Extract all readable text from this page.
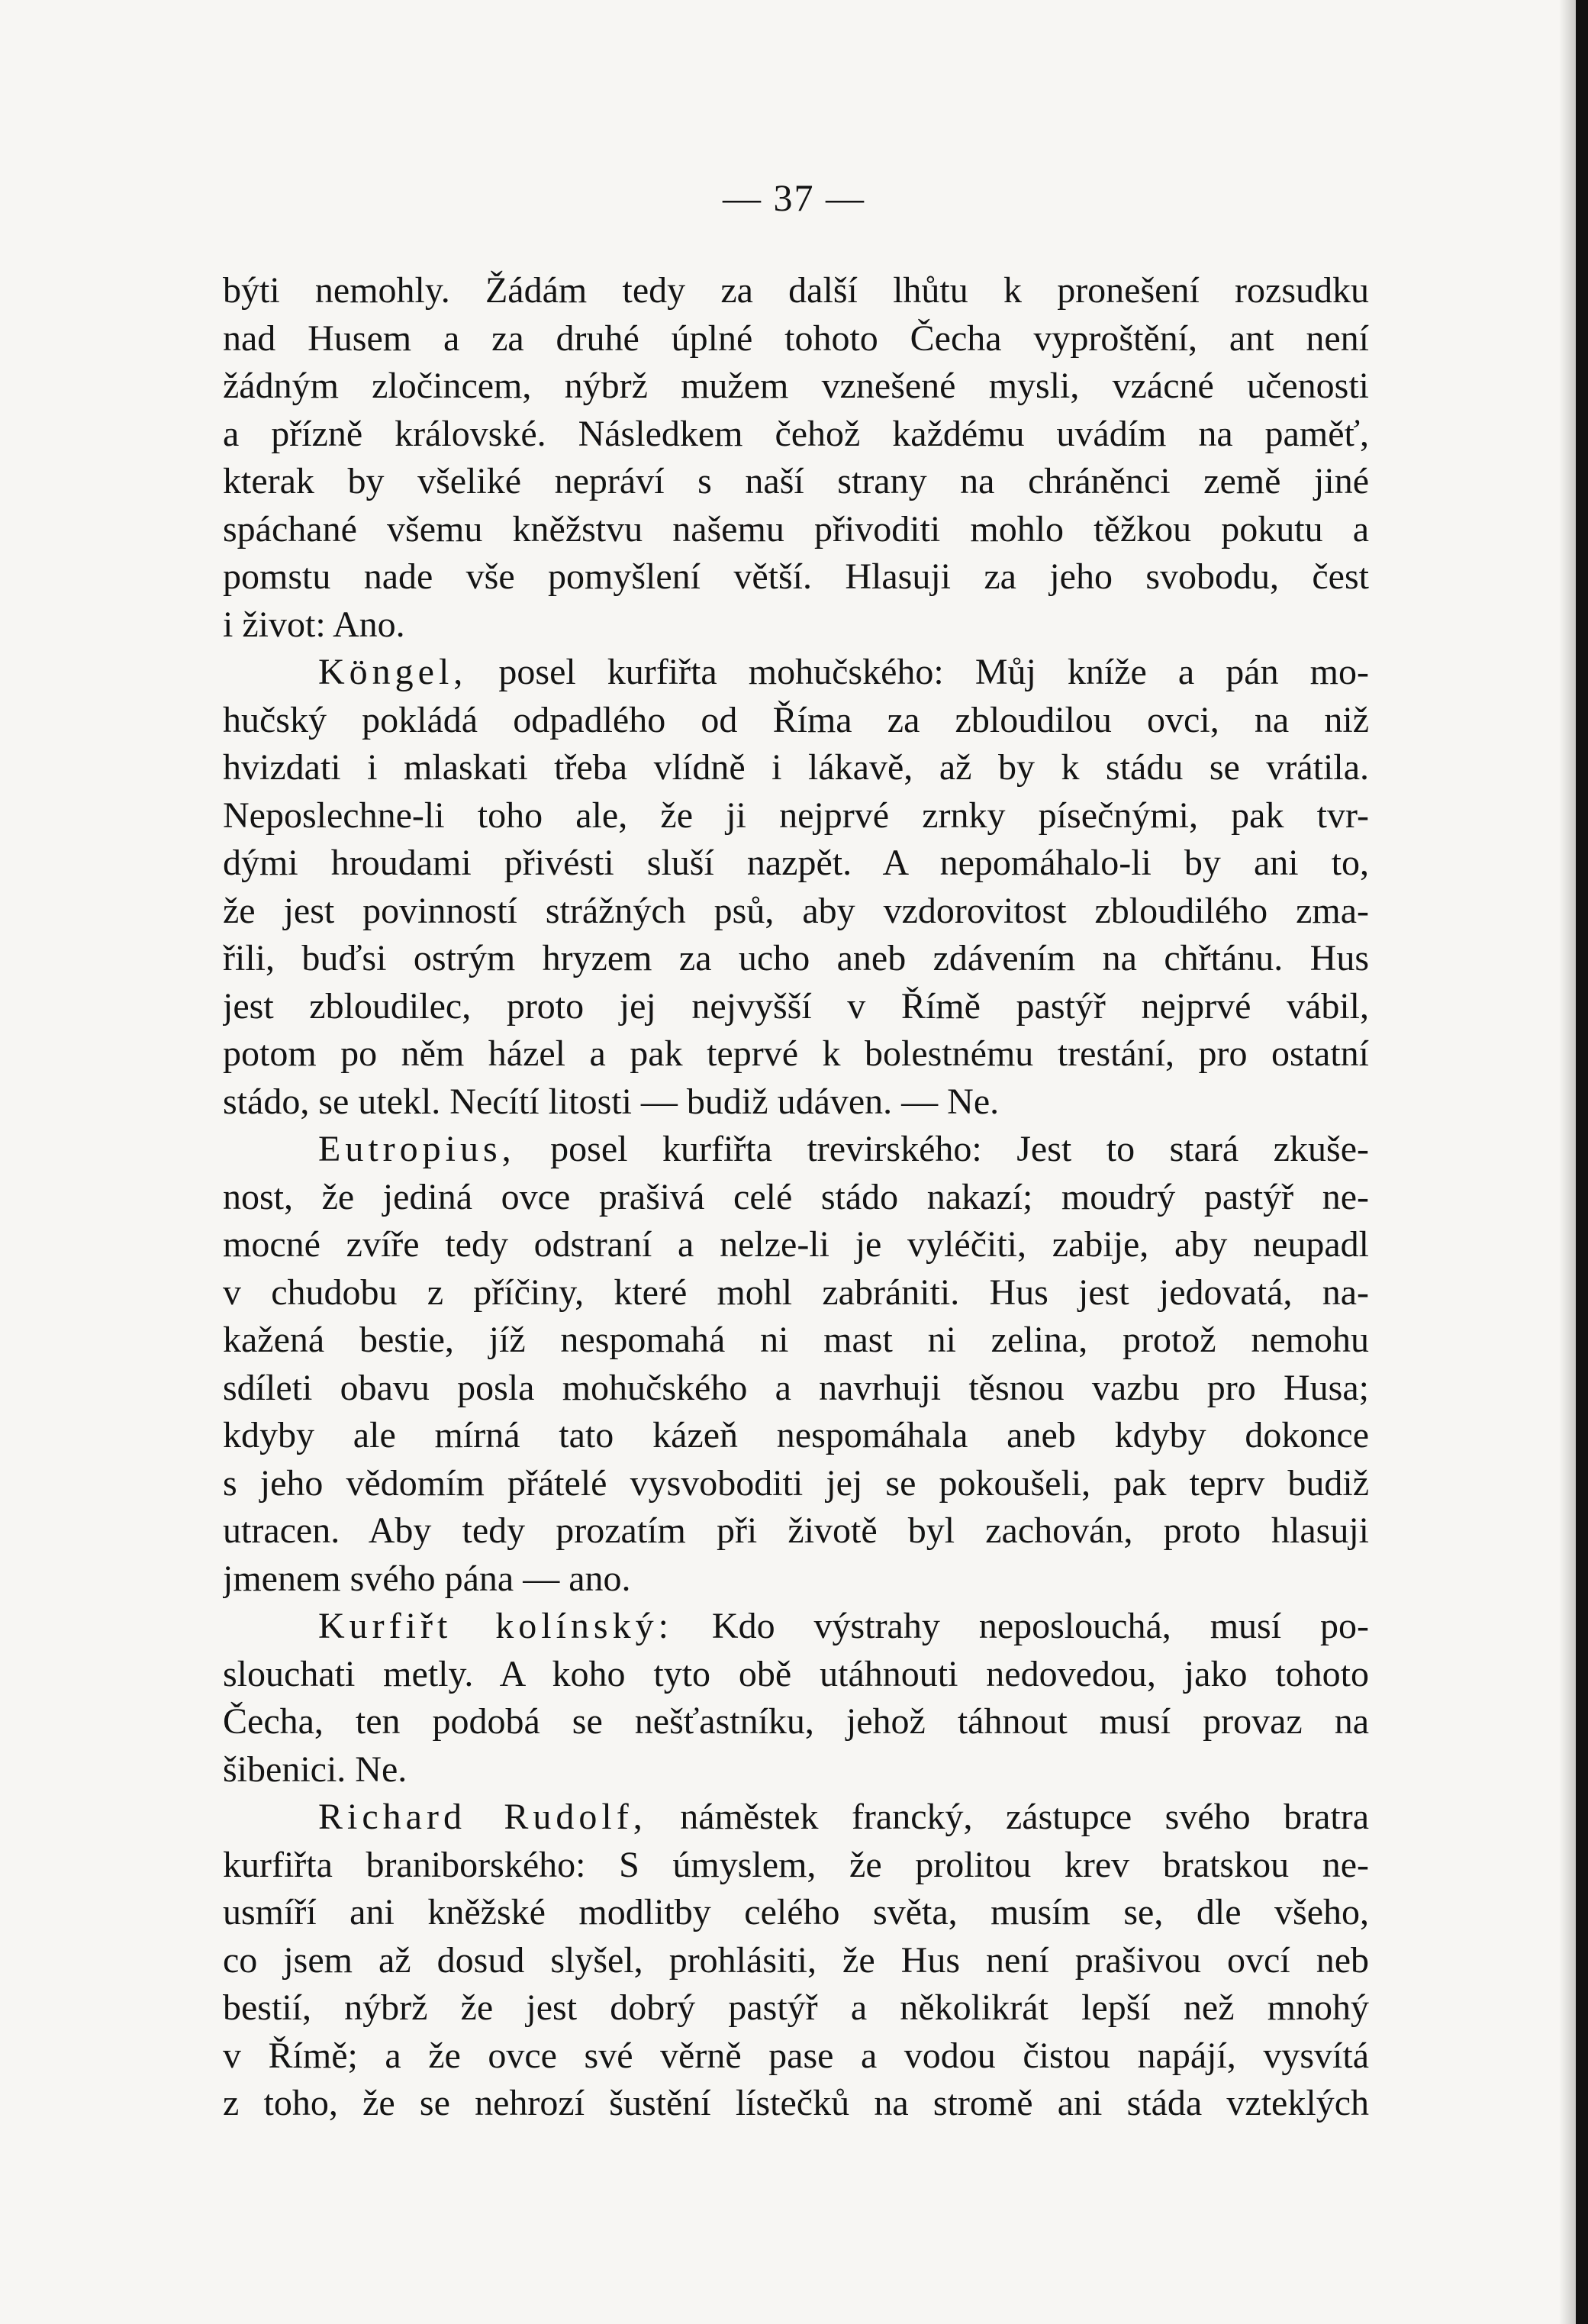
— 37 —
býti nemohly. Žádám tedy za další lhůtu k pronešení rozsudku
nad Husem a za druhé úplné tohoto Čecha vyproštění, ant není
žádným zločincem, nýbrž mužem vznešené mysli, vzácné učenosti
a přízně královské. Následkem čehož každému uvádím na paměť,
kterak by všeliké nepráví s naší strany na chráněnci země jiné
spáchané všemu kněžstvu našemu přivoditi mohlo těžkou pokutu a
pomstu nade vše pomyšlení větší. Hlasuji za jeho svobodu, čest
i život: Ano.
Köngel, posel kurfiřta mohučského: Můj kníže a pán mo-
hučský pokládá odpadlého od Říma za zbloudilou ovci, na niž
hvizdati i mlaskati třeba vlídně i lákavě, až by k stádu se vrátila.
Neposlechne-li toho ale, že ji nejprvé zrnky písečnými, pak tvr-
dými hroudami přivésti sluší nazpět. A nepomáhalo-li by ani to,
že jest povinností strážných psů, aby vzdorovitost zbloudilého zma-
řili, buďsi ostrým hryzem za ucho aneb zdávením na chřtánu. Hus
jest zbloudilec, proto jej nejvyšší v Římě pastýř nejprvé vábil,
potom po něm házel a pak teprvé k bolestnému trestání, pro ostatní
stádo, se utekl. Necítí litosti — budiž udáven. — Ne.
Eutropius, posel kurfiřta trevirského: Jest to stará zkuše-
nost, že jediná ovce prašivá celé stádo nakazí; moudrý pastýř ne-
mocné zvíře tedy odstraní a nelze-li je vyléčiti, zabije, aby neupadl
v chudobu z příčiny, které mohl zabrániti. Hus jest jedovatá, na-
kažená bestie, jíž nespomahá ni mast ni zelina, protož nemohu
sdíleti obavu posla mohučského a navrhuji těsnou vazbu pro Husa;
kdyby ale mírná tato kázeň nespomáhala aneb kdyby dokonce
s jeho vědomím přátelé vysvoboditi jej se pokoušeli, pak teprv budiž
utracen. Aby tedy prozatím při životě byl zachován, proto hlasuji
jmenem svého pána — ano.
Kurfiřt kolínský: Kdo výstrahy neposlouchá, musí po-
slouchati metly. A koho tyto obě utáhnouti nedovedou, jako tohoto
Čecha, ten podobá se nešťastníku, jehož táhnout musí provaz na
šibenici. Ne.
Richard Rudolf, náměstek francký, zástupce svého bratra
kurfiřta braniborského: S úmyslem, že prolitou krev bratskou ne-
usmíří ani kněžské modlitby celého světa, musím se, dle všeho,
co jsem až dosud slyšel, prohlásiti, že Hus není prašivou ovcí neb
bestií, nýbrž že jest dobrý pastýř a několikrát lepší než mnohý
v Římě; a že ovce své věrně pase a vodou čistou napájí, vysvítá
z toho, že se nehrozí šustění lístečků na stromě ani stáda vzteklých
